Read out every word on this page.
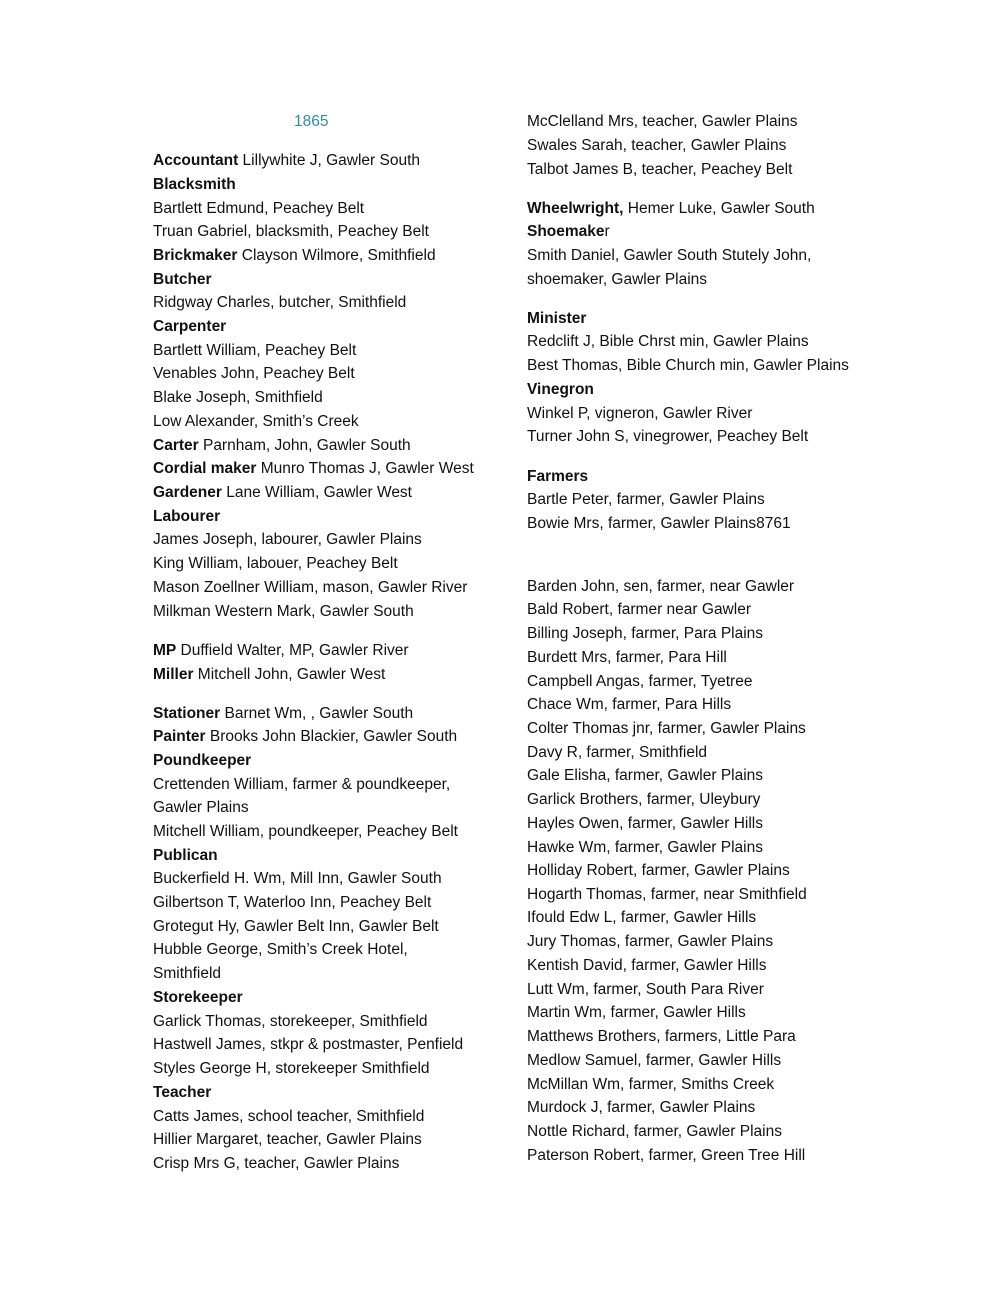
1865
Accountant Lillywhite J, Gawler South
Blacksmith
Bartlett Edmund, Peachey Belt
Truan Gabriel, blacksmith, Peachey Belt
Brickmaker Clayson Wilmore, Smithfield
Butcher
Ridgway Charles, butcher, Smithfield
Carpenter
Bartlett William, Peachey Belt
Venables John, Peachey Belt
Blake Joseph, Smithfield
Low Alexander, Smith’s Creek
Carter Parnham, John, Gawler South
Cordial maker Munro Thomas J, Gawler West
Gardener Lane William, Gawler West
Labourer
James Joseph, labourer, Gawler Plains
King William, labouer, Peachey Belt
Mason Zoellner William, mason, Gawler River
Milkman Western Mark, Gawler South
MP Duffield Walter, MP, Gawler River
Miller Mitchell John, Gawler West
Stationer Barnet Wm, , Gawler South
Painter Brooks John Blackier, Gawler South
Poundkeeper
Crettenden William, farmer & poundkeeper,
Gawler Plains
Mitchell William, poundkeeper, Peachey Belt
Publican
Buckerfield H. Wm, Mill Inn, Gawler South
Gilbertson T, Waterloo Inn, Peachey Belt
Grotegut Hy, Gawler Belt Inn, Gawler Belt
Hubble George, Smith’s Creek Hotel,
Smithfield
Storekeeper
Garlick Thomas, storekeeper, Smithfield
Hastwell James, stkpr & postmaster, Penfield
Styles George H, storekeeper Smithfield
Teacher
Catts James, school teacher, Smithfield
Hillier Margaret, teacher, Gawler Plains
Crisp Mrs G, teacher, Gawler Plains
McClelland Mrs, teacher, Gawler Plains
Swales Sarah, teacher, Gawler Plains
Talbot James B, teacher, Peachey Belt
Wheelwright, Hemer Luke, Gawler South
Shoemaker
Smith Daniel, Gawler South Stutely John,
shoemaker, Gawler Plains
Minister
Redclift J, Bible Chrst min, Gawler Plains
Best Thomas, Bible Church min, Gawler Plains
Vinegron
Winkel P, vigneron, Gawler River
Turner John S, vinegrower, Peachey Belt
Farmers
Bartle Peter, farmer, Gawler Plains
Bowie Mrs, farmer, Gawler Plains8761
Barden John, sen, farmer, near Gawler
Bald Robert, farmer near Gawler
Billing Joseph, farmer, Para Plains
Burdett Mrs, farmer, Para Hill
Campbell Angas, farmer, Tyetree
Chace Wm, farmer, Para Hills
Colter Thomas jnr, farmer, Gawler Plains
Davy R, farmer, Smithfield
Gale Elisha, farmer, Gawler Plains
Garlick Brothers, farmer, Uleybury
Hayles Owen, farmer, Gawler Hills
Hawke Wm, farmer, Gawler Plains
Holliday Robert, farmer, Gawler Plains
Hogarth Thomas, farmer, near Smithfield
Ifould Edw L, farmer, Gawler Hills
Jury Thomas, farmer, Gawler Plains
Kentish David, farmer, Gawler Hills
Lutt Wm, farmer, South Para River
Martin Wm, farmer, Gawler Hills
Matthews Brothers, farmers, Little Para
Medlow Samuel, farmer, Gawler Hills
McMillan Wm, farmer, Smiths Creek
Murdock J, farmer, Gawler Plains
Nottle Richard, farmer, Gawler Plains
Paterson Robert, farmer, Green Tree Hill
